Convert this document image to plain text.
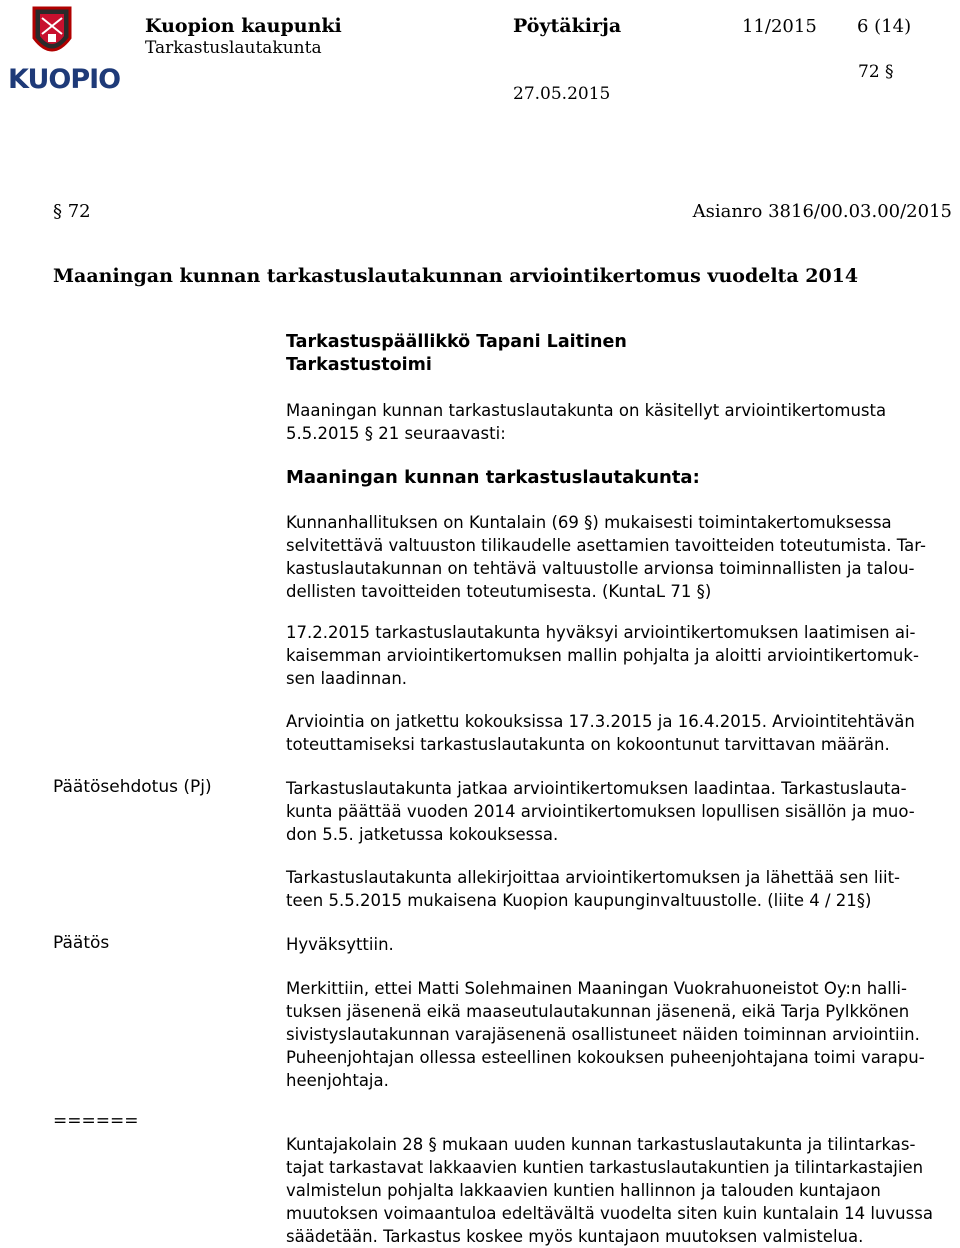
KUOPIO
Kuopion kaupunki
Tarkastuslautakunta
Pöytäkirja	11/2015 6 (14)
72 §
27.05.2015
§ 72	Asianro 3816/00.03.00/2015
Maaningan kunnan tarkastuslautakunnan arviointikertomus vuodelta 2014
Tarkastuspäällikkö Tapani Laitinen
Tarkastustoimi
Maaningan kunnan tarkastuslautakunta on käsitellyt arviointikertomusta
5.5.2015 § 21 seuraavasti:
Maaningan kunnan tarkastuslautakunta:
Kunnanhallituksen on Kuntalain (69 §) mukaisesti toimintakertomuksessa
selvitettävä valtuuston tilikaudelle asettamien tavoitteiden toteutumista. Tar-
kastuslautakunnan on tehtävä valtuustolle arvionsa toiminnallisten ja talou-
dellisten tavoitteiden toteutumisesta. (KuntaL 71 §)
17.2.2015 tarkastuslautakunta hyväksyi arviointikertomuksen laatimisen ai-
kaisemman arviointikertomuksen mallin pohjalta ja aloitti arviointikertomuk-
sen laadinnan.
Arviointia on jatkettu kokouksissa 17.3.2015 ja 16.4.2015. Arviointitehtävän
toteuttamiseksi tarkastuslautakunta on kokoontunut tarvittavan määrän.
Päätösehdotus (Pj)	Tarkastuslautakunta jatkaa arviointikertomuksen laadintaa. Tarkastuslauta-
kunta päättää vuoden 2014 arviointikertomuksen lopullisen sisällön ja muo-
don 5.5. jatketussa kokouksessa.
Tarkastuslautakunta allekirjoittaa arviointikertomuksen ja lähettää sen liit-
teen 5.5.2015 mukaisena Kuopion kaupunginvaltuustolle. (liite 4 / 21§)
Päätös	Hyväksyttiin.
Merkittiin, ettei Matti Solehmainen Maaningan Vuokrahuoneistot Oy:n halli-
tuksen jäsenenä eikä maaseutulautakunnan jäsenenä, eikä Tarja Pylkkönen
sivistyslautakunnan varajäsenenä osallistuneet näiden toiminnan arviointiin.
Puheenjohtajan ollessa esteellinen kokouksen puheenjohtajana toimi varapu-
heenjohtaja.
======
Kuntajakolain 28 § mukaan uuden kunnan tarkastuslautakunta ja tilintarkas-
tajat tarkastavat lakkaavien kuntien tarkastuslautakuntien ja tilintarkastajien
valmistelun pohjalta lakkaavien kuntien hallinnon ja talouden kuntajaon
muutoksen voimaantuloa edeltävältä vuodelta siten kuin kuntalain 14 luvussa
säädetään. Tarkastus koskee myös kuntajaon muutoksen valmistelua.
